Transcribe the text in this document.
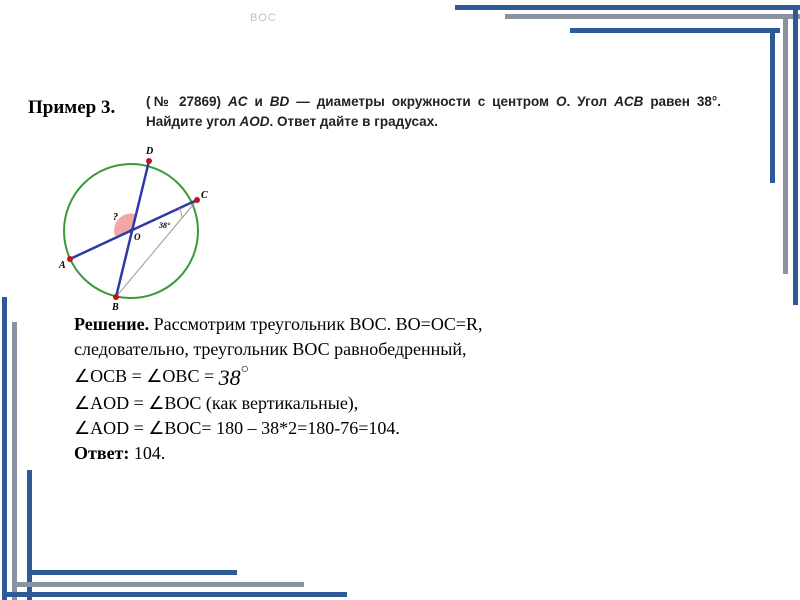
BOC
Пример 3. (№ 27869) AC и BD — диаметры окружности с центром O. Угол ACB равен 38°. Найдите угол AOD. Ответ дайте в градусах.
D
C
A
B
O
?
38°
Решение. Рассмотрим треугольник ВОС. BO=OC=R,
следовательно, треугольник ВОС равнобедренный,
∠OCB = ∠OBC = 38○
∠AOD = ∠BOC (как вертикальные),
∠AOD = ∠BOC= 180 – 38*2=180-76=104.
Ответ: 104.
